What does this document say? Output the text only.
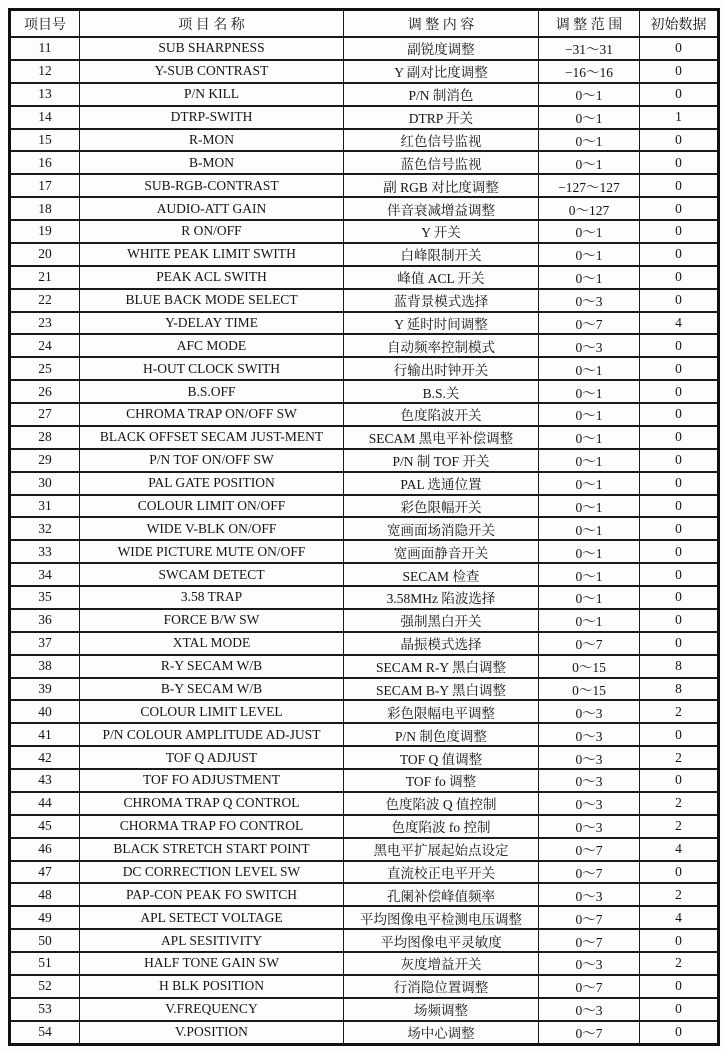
项目号	项 目 名 称	调 整 内 容	调 整 范 围	初始数据
11	SUB SHARPNESS	副锐度调整	−31～31	0
12	Y-SUB CONTRAST	Y 副对比度调整	−16～16	0
13	P/N KILL	P/N 制消色	0～1	0
14	DTRP-SWITH	DTRP 开关	0～1	1
15	R-MON	红色信号监视	0～1	0
16	B-MON	蓝色信号监视	0～1	0
17	SUB-RGB-CONTRAST	副 RGB 对比度调整	−127～127	0
18	AUDIO-ATT GAIN	伴音衰减增益调整	0～127	0
19	R ON/OFF	Y 开关	0～1	0
20	WHITE PEAK LIMIT SWITH	白峰限制开关	0～1	0
21	PEAK ACL SWITH	峰值 ACL 开关	0～1	0
22	BLUE BACK MODE SELECT	蓝背景模式选择	0～3	0
23	Y-DELAY TIME	Y 延时时间调整	0～7	4
24	AFC MODE	自动频率控制模式	0～3	0
25	H-OUT CLOCK SWITH	行输出时钟开关	0～1	0
26	B.S.OFF	B.S.关	0～1	0
27	CHROMA TRAP ON/OFF SW	色度陷波开关	0～1	0
28	BLACK OFFSET SECAM JUST-MENT	SECAM 黑电平补偿调整	0～1	0
29	P/N TOF ON/OFF SW	P/N 制 TOF 开关	0～1	0
30	PAL GATE POSITION	PAL 选通位置	0～1	0
31	COLOUR LIMIT ON/OFF	彩色限幅开关	0～1	0
32	WIDE V-BLK ON/OFF	宽画面场消隐开关	0～1	0
33	WIDE PICTURE MUTE ON/OFF	宽画面静音开关	0～1	0
34	SWCAM DETECT	SECAM 检查	0～1	0
35	3.58 TRAP	3.58MHz 陷波选择	0～1	0
36	FORCE B/W SW	强制黑白开关	0～1	0
37	XTAL MODE	晶振模式选择	0～7	0
38	R-Y SECAM W/B	SECAM R-Y 黑白调整	0～15	8
39	B-Y SECAM W/B	SECAM B-Y 黑白调整	0～15	8
40	COLOUR LIMIT LEVEL	彩色限幅电平调整	0～3	2
41	P/N COLOUR AMPLITUDE AD-JUST	P/N 制色度调整	0～3	0
42	TOF Q ADJUST	TOF Q 值调整	0～3	2
43	TOF FO ADJUSTMENT	TOF fo 调整	0～3	0
44	CHROMA TRAP Q CONTROL	色度陷波 Q 值控制	0～3	2
45	CHORMA TRAP FO CONTROL	色度陷波 fo 控制	0～3	2
46	BLACK STRETCH START POINT	黑电平扩展起始点设定	0～7	4
47	DC CORRECTION LEVEL SW	直流校正电平开关	0～7	0
48	PAP-CON PEAK FO SWITCH	孔阑补偿峰值频率	0～3	2
49	APL SETECT VOLTAGE	平均图像电平检测电压调整	0～7	4
50	APL SESITIVITY	平均图像电平灵敏度	0～7	0
51	HALF TONE GAIN SW	灰度增益开关	0～3	2
52	H BLK POSITION	行消隐位置调整	0～7	0
53	V.FREQUENCY	场频调整	0～3	0
54	V.POSITION	场中心调整	0～7	0
